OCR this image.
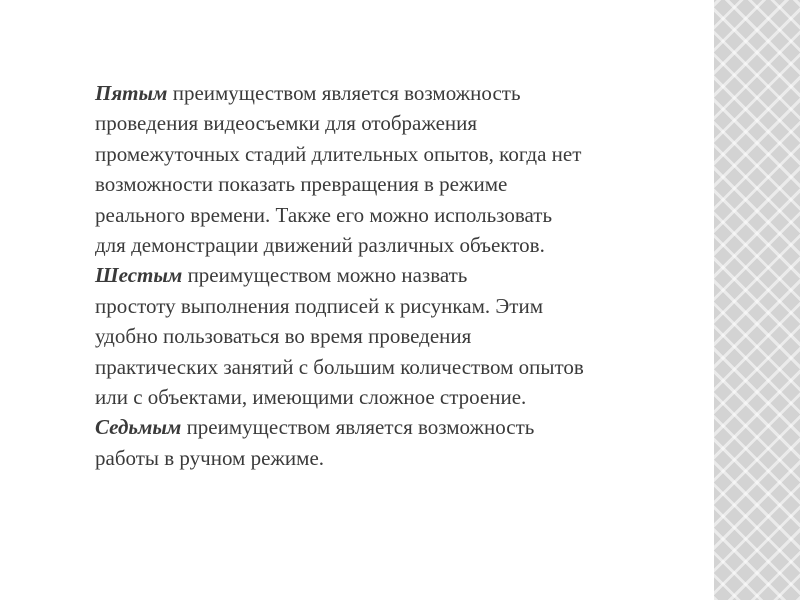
Пятым преимуществом является возможность
проведения видеосъемки для отображения
промежуточных стадий длительных опытов, когда нет
возможности показать превращения в режиме
реального времени. Также его можно использовать
для демонстрации движений различных объектов.

Шестым преимуществом можно назвать
простоту выполнения подписей к рисункам. Этим
удобно пользоваться во время проведения
практических занятий с большим количеством опытов
или с объектами, имеющими сложное строение.

Седьмым преимуществом является возможность
работы в ручном режиме.
